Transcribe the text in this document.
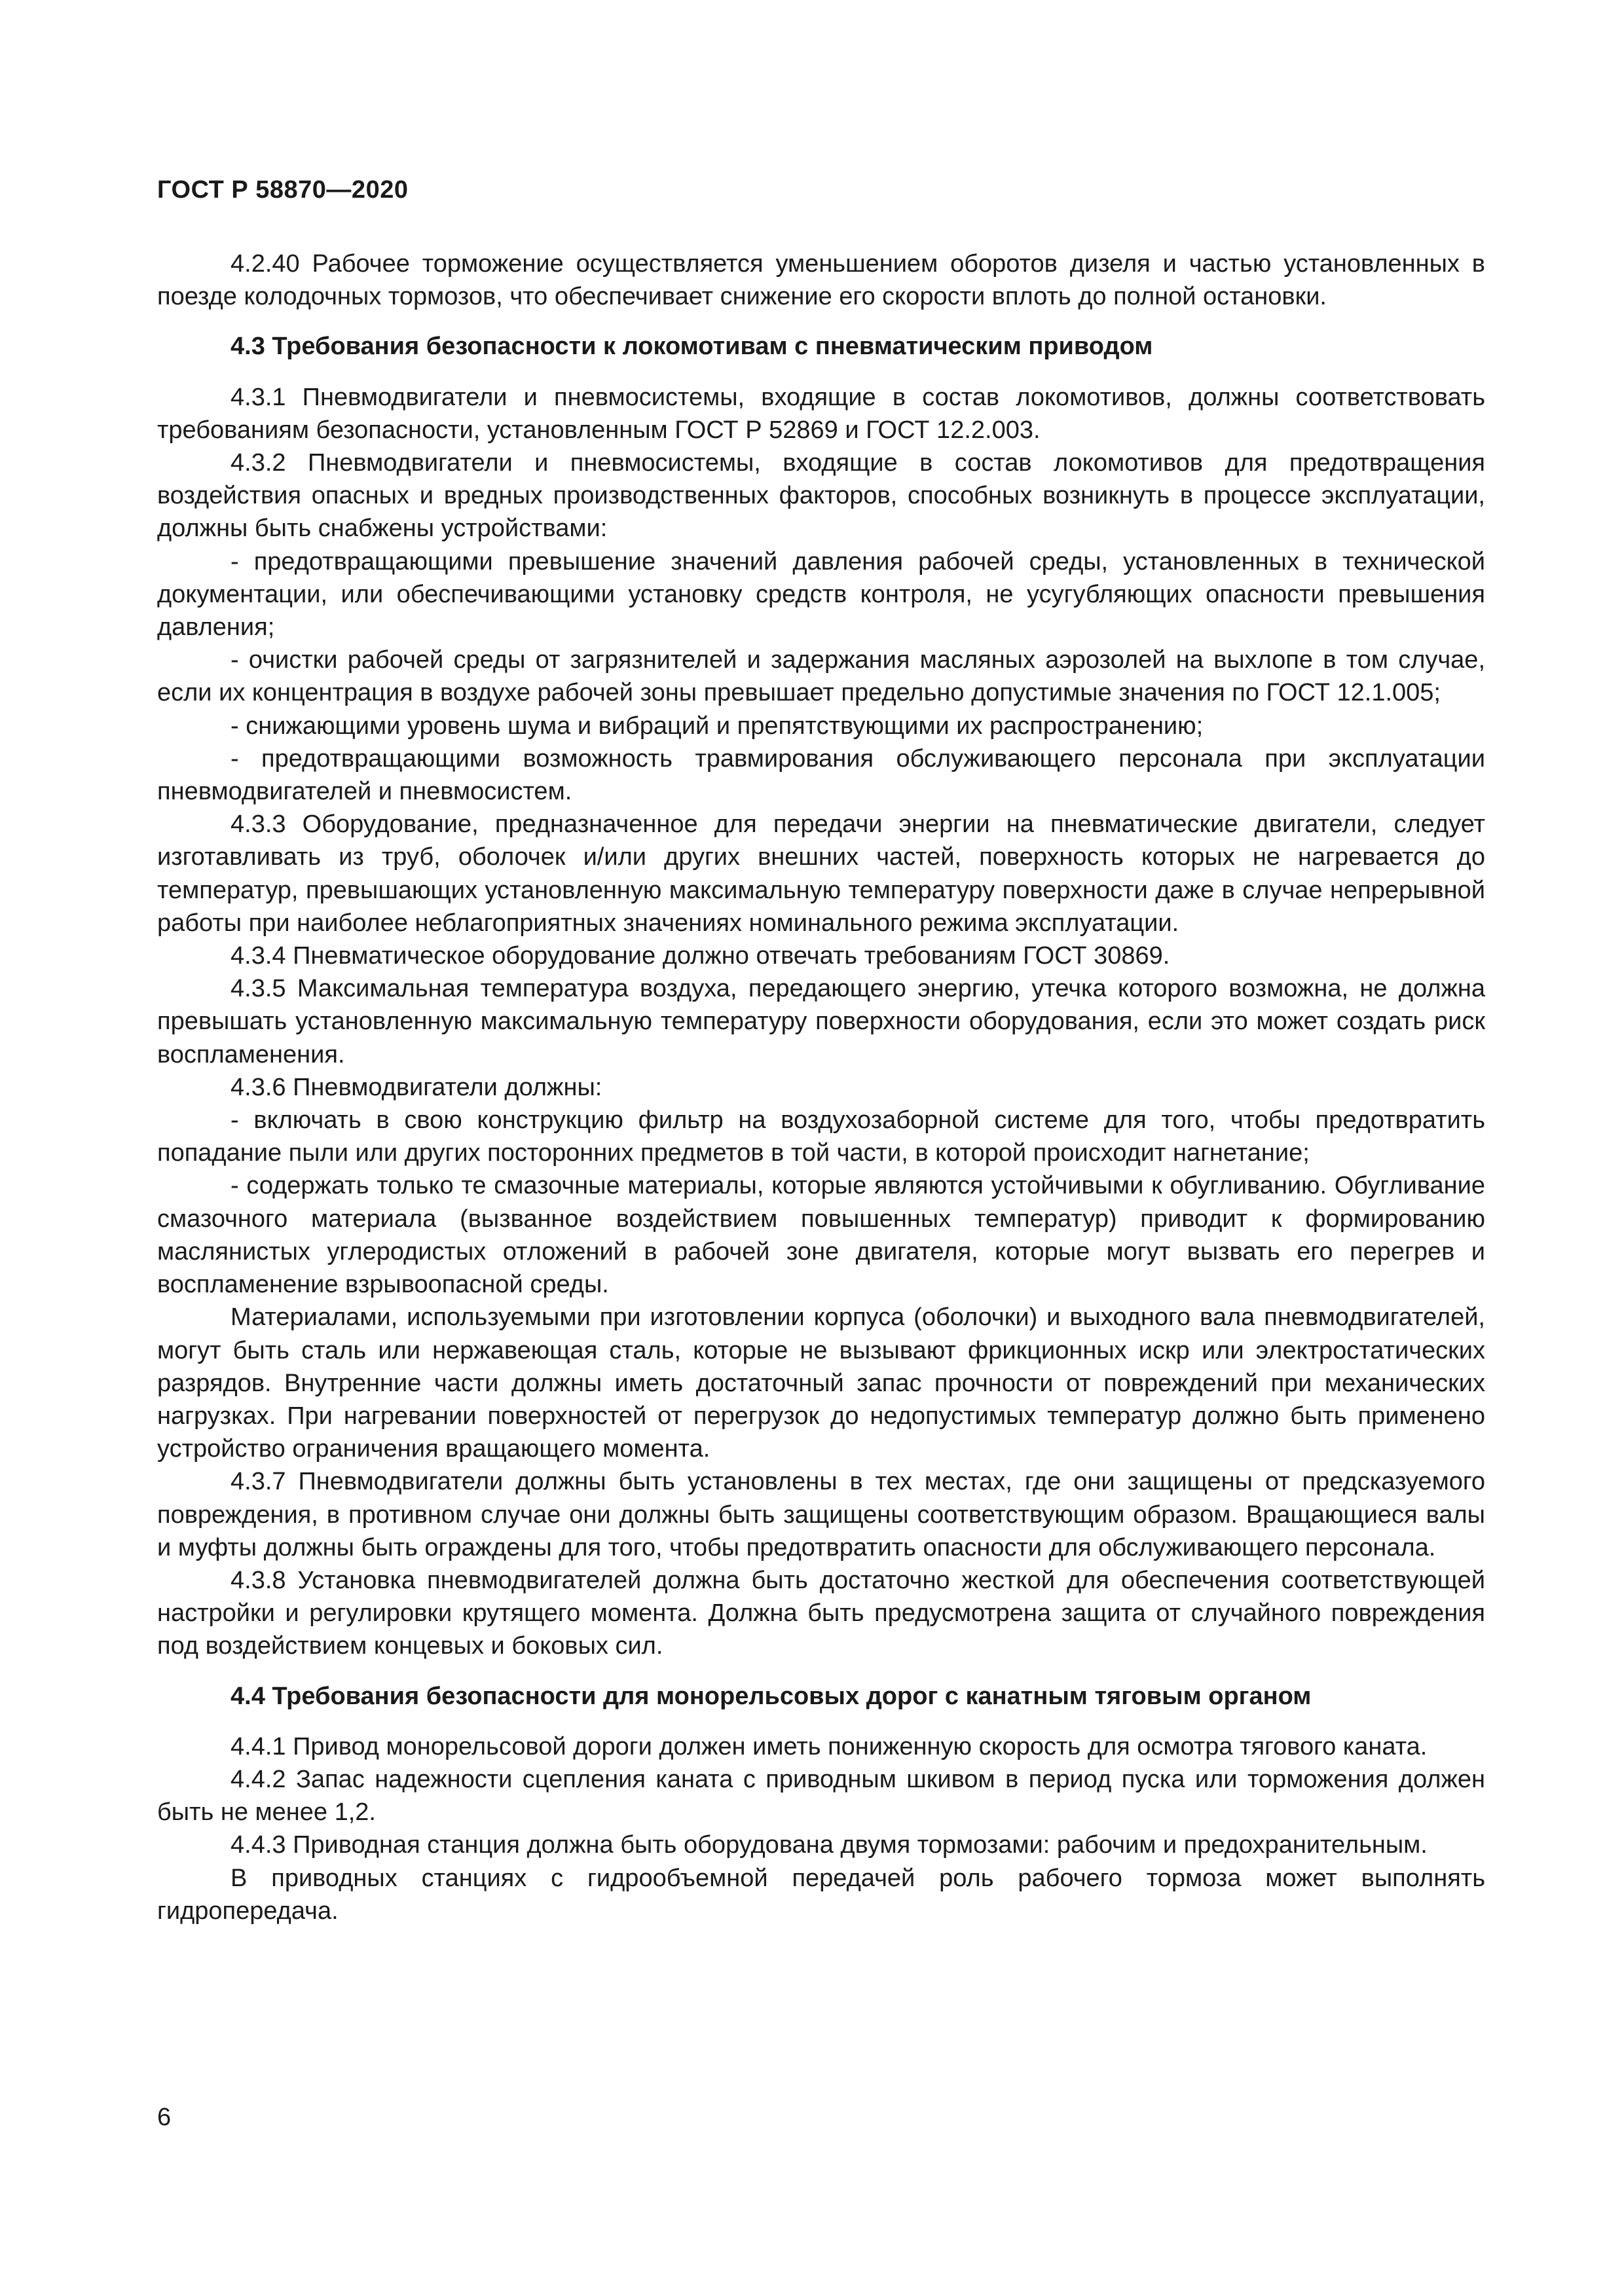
ГОСТ Р 58870—2020

4.2.40 Рабочее торможение осуществляется уменьшением оборотов дизеля и частью установленных в поезде колодочных тормозов, что обеспечивает снижение его скорости вплоть до полной остановки.

4.3 Требования безопасности к локомотивам с пневматическим приводом

4.3.1 Пневмодвигатели и пневмосистемы, входящие в состав локомотивов, должны соответствовать требованиям безопасности, установленным ГОСТ Р 52869 и ГОСТ 12.2.003.

4.3.2 Пневмодвигатели и пневмосистемы, входящие в состав локомотивов для предотвращения воздействия опасных и вредных производственных факторов, способных возникнуть в процессе эксплуатации, должны быть снабжены устройствами:

- предотвращающими превышение значений давления рабочей среды, установленных в технической документации, или обеспечивающими установку средств контроля, не усугубляющих опасности превышения давления;

- очистки рабочей среды от загрязнителей и задержания масляных аэрозолей на выхлопе в том случае, если их концентрация в воздухе рабочей зоны превышает предельно допустимые значения по ГОСТ 12.1.005;

- снижающими уровень шума и вибраций и препятствующими их распространению;

- предотвращающими возможность травмирования обслуживающего персонала при эксплуатации пневмодвигателей и пневмосистем.

4.3.3 Оборудование, предназначенное для передачи энергии на пневматические двигатели, следует изготавливать из труб, оболочек и/или других внешних частей, поверхность которых не нагревается до температур, превышающих установленную максимальную температуру поверхности даже в случае непрерывной работы при наиболее неблагоприятных значениях номинального режима эксплуатации.

4.3.4 Пневматическое оборудование должно отвечать требованиям ГОСТ 30869.

4.3.5 Максимальная температура воздуха, передающего энергию, утечка которого возможна, не должна превышать установленную максимальную температуру поверхности оборудования, если это может создать риск воспламенения.

4.3.6 Пневмодвигатели должны:

- включать в свою конструкцию фильтр на воздухозаборной системе для того, чтобы предотвратить попадание пыли или других посторонних предметов в той части, в которой происходит нагнетание;

- содержать только те смазочные материалы, которые являются устойчивыми к обугливанию. Обугливание смазочного материала (вызванное воздействием повышенных температур) приводит к формированию маслянистых углеродистых отложений в рабочей зоне двигателя, которые могут вызвать его перегрев и воспламенение взрывоопасной среды.

Материалами, используемыми при изготовлении корпуса (оболочки) и выходного вала пневмодвигателей, могут быть сталь или нержавеющая сталь, которые не вызывают фрикционных искр или электростатических разрядов. Внутренние части должны иметь достаточный запас прочности от повреждений при механических нагрузках. При нагревании поверхностей от перегрузок до недопустимых температур должно быть применено устройство ограничения вращающего момента.

4.3.7 Пневмодвигатели должны быть установлены в тех местах, где они защищены от предсказуемого повреждения, в противном случае они должны быть защищены соответствующим образом. Вращающиеся валы и муфты должны быть ограждены для того, чтобы предотвратить опасности для обслуживающего персонала.

4.3.8 Установка пневмодвигателей должна быть достаточно жесткой для обеспечения соответствующей настройки и регулировки крутящего момента. Должна быть предусмотрена защита от случайного повреждения под воздействием концевых и боковых сил.

4.4 Требования безопасности для монорельсовых дорог с канатным тяговым органом

4.4.1 Привод монорельсовой дороги должен иметь пониженную скорость для осмотра тягового каната.

4.4.2 Запас надежности сцепления каната с приводным шкивом в период пуска или торможения должен быть не менее 1,2.

4.4.3 Приводная станция должна быть оборудована двумя тормозами: рабочим и предохранительным.

В приводных станциях с гидрообъемной передачей роль рабочего тормоза может выполнять гидропередача.

6
